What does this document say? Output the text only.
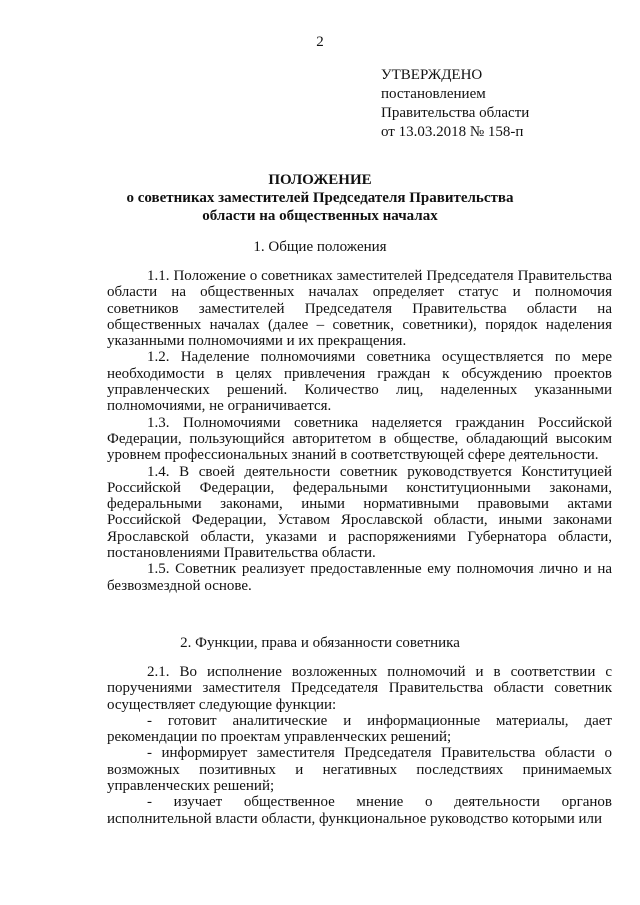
2
УТВЕРЖДЕНО
постановлением
Правительства области
от 13.03.2018 № 158-п
ПОЛОЖЕНИЕ
о советниках заместителей Председателя Правительства
области на общественных началах
1. Общие положения

1.1. Положение о советниках заместителей Председателя Правительства области на общественных началах определяет статус и полномочия советников заместителей Председателя Правительства области на общественных началах (далее – советник, советники), порядок наделения указанными полномочиями и их прекращения.

1.2. Наделение полномочиями советника осуществляется по мере необходимости в целях привлечения граждан к обсуждению проектов управленческих решений. Количество лиц, наделенных указанными полномочиями, не ограничивается.

1.3. Полномочиями советника наделяется гражданин Российской Федерации, пользующийся авторитетом в обществе, обладающий высоким уровнем профессиональных знаний в соответствующей сфере деятельности.

1.4. В своей деятельности советник руководствуется Конституцией Российской Федерации, федеральными конституционными законами, федеральными законами, иными нормативными правовыми актами Российской Федерации, Уставом Ярославской области, иными законами Ярославской области, указами и распоряжениями Губернатора области, постановлениями Правительства области.

1.5. Советник реализует предоставленные ему полномочия лично и на безвозмездной основе.

2. Функции, права и обязанности советника

2.1. Во исполнение возложенных полномочий и в соответствии с поручениями заместителя Председателя Правительства области советник осуществляет следующие функции:

- готовит аналитические и информационные материалы, дает рекомендации по проектам управленческих решений;

- информирует заместителя Председателя Правительства области о возможных позитивных и негативных последствиях принимаемых управленческих решений;

- изучает общественное мнение о деятельности органов исполнительной власти области, функциональное руководство которыми или
